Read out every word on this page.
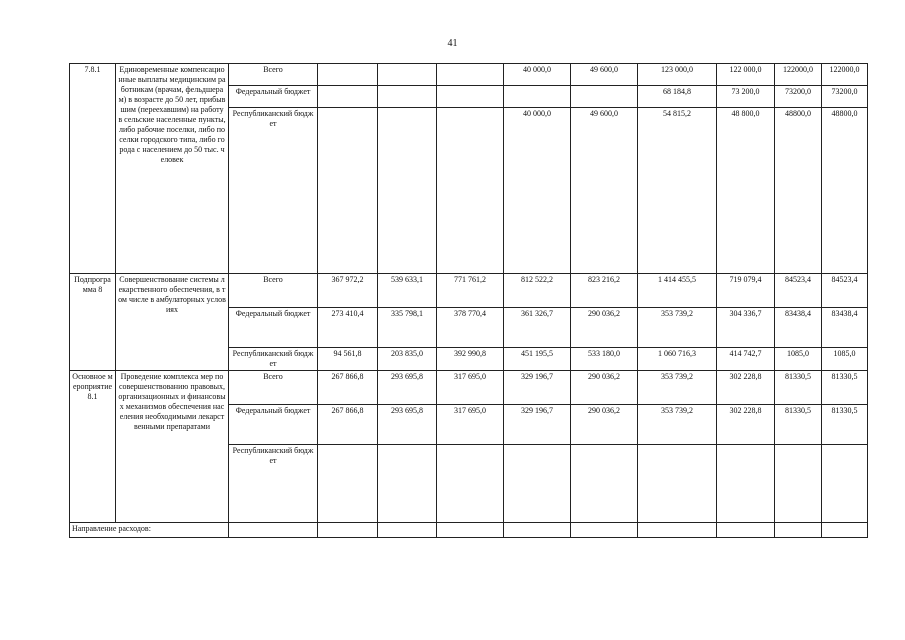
41
7.8.1	Единовременные компенсационные выплаты медицинским работникам (врачам, фельдшерам) в возрасте до 50 лет, прибывшим (переехавшим) на работу в сельские населенные пункты, либо рабочие поселки, либо поселки городского типа, либо города с населением до 50 тыс. человек	Всего				40 000,0	49 600,0	123 000,0	122 000,0	122000,0	122000,0
		Федеральный бюджет						68 184,8	73 200,0	73200,0	73200,0
		Республиканский бюджет				40 000,0	49 600,0	54 815,2	48 800,0	48800,0	48800,0
Подпрограмма 8	Совершенствование системы лекарственного обеспечения, в том числе в амбулаторных условиях	Всего	367 972,2	539 633,1	771 761,2	812 522,2	823 216,2	1 414 455,5	719 079,4	84523,4	84523,4
		Федеральный бюджет	273 410,4	335 798,1	378 770,4	361 326,7	290 036,2	353 739,2	304 336,7	83438,4	83438,4
		Республиканский бюджет	94 561,8	203 835,0	392 990,8	451 195,5	533 180,0	1 060 716,3	414 742,7	1085,0	1085,0
Основное мероприятие 8.1	Проведение комплекса мер по совершенствованию правовых, организационных и финансовых механизмов обеспечения населения необходимыми лекарственными препаратами	Всего	267 866,8	293 695,8	317 695,0	329 196,7	290 036,2	353 739,2	302 228,8	81330,5	81330,5
		Федеральный бюджет	267 866,8	293 695,8	317 695,0	329 196,7	290 036,2	353 739,2	302 228,8	81330,5	81330,5
		Республиканский бюджет									
Направление расходов:											
